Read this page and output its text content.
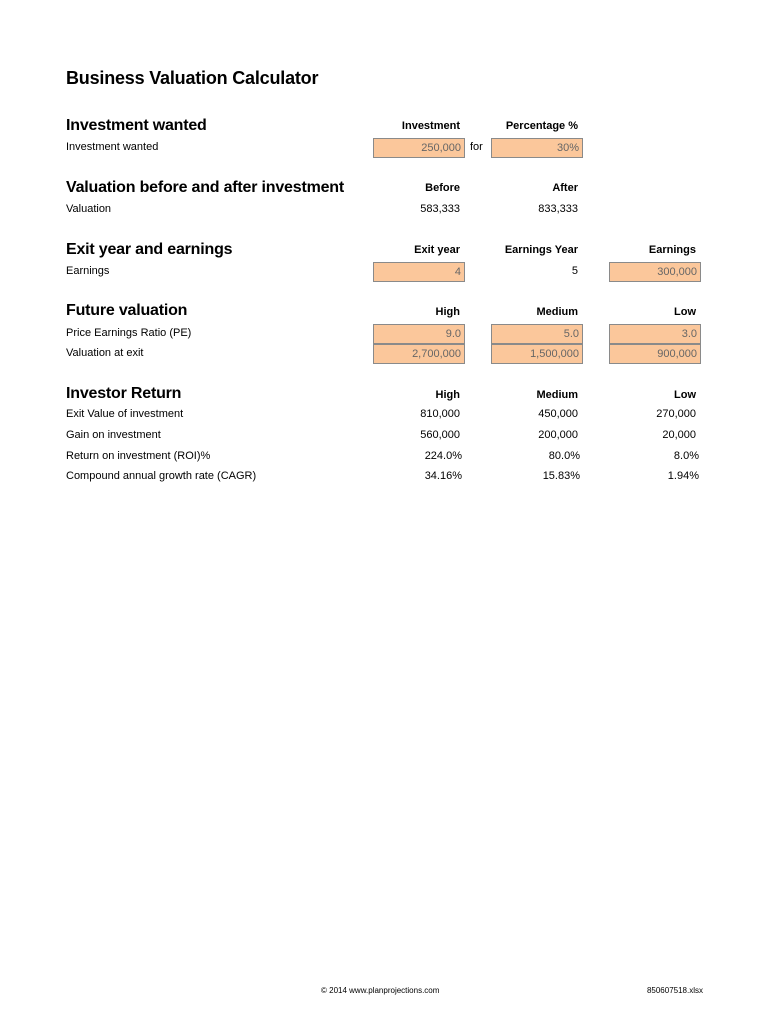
Business Valuation Calculator
Investment wanted	Investment	Percentage %
Investment wanted	250,000 for	30%
Valuation before and after investment	Before	After
Valuation	583,333	833,333
Exit year and earnings	Exit year	Earnings Year	Earnings
Earnings	4	5	300,000
Future valuation	High	Medium	Low
Price Earnings Ratio (PE)	9.0	5.0	3.0
Valuation at exit	2,700,000	1,500,000	900,000
Investor Return	High	Medium	Low
Exit Value of investment	810,000	450,000	270,000
Gain on investment	560,000	200,000	20,000
Return on investment (ROI)%	224.0%	80.0%	8.0%
Compound annual growth rate (CAGR)	34.16%	15.83%	1.94%
© 2014 www.planprojections.com	850607518.xlsx
